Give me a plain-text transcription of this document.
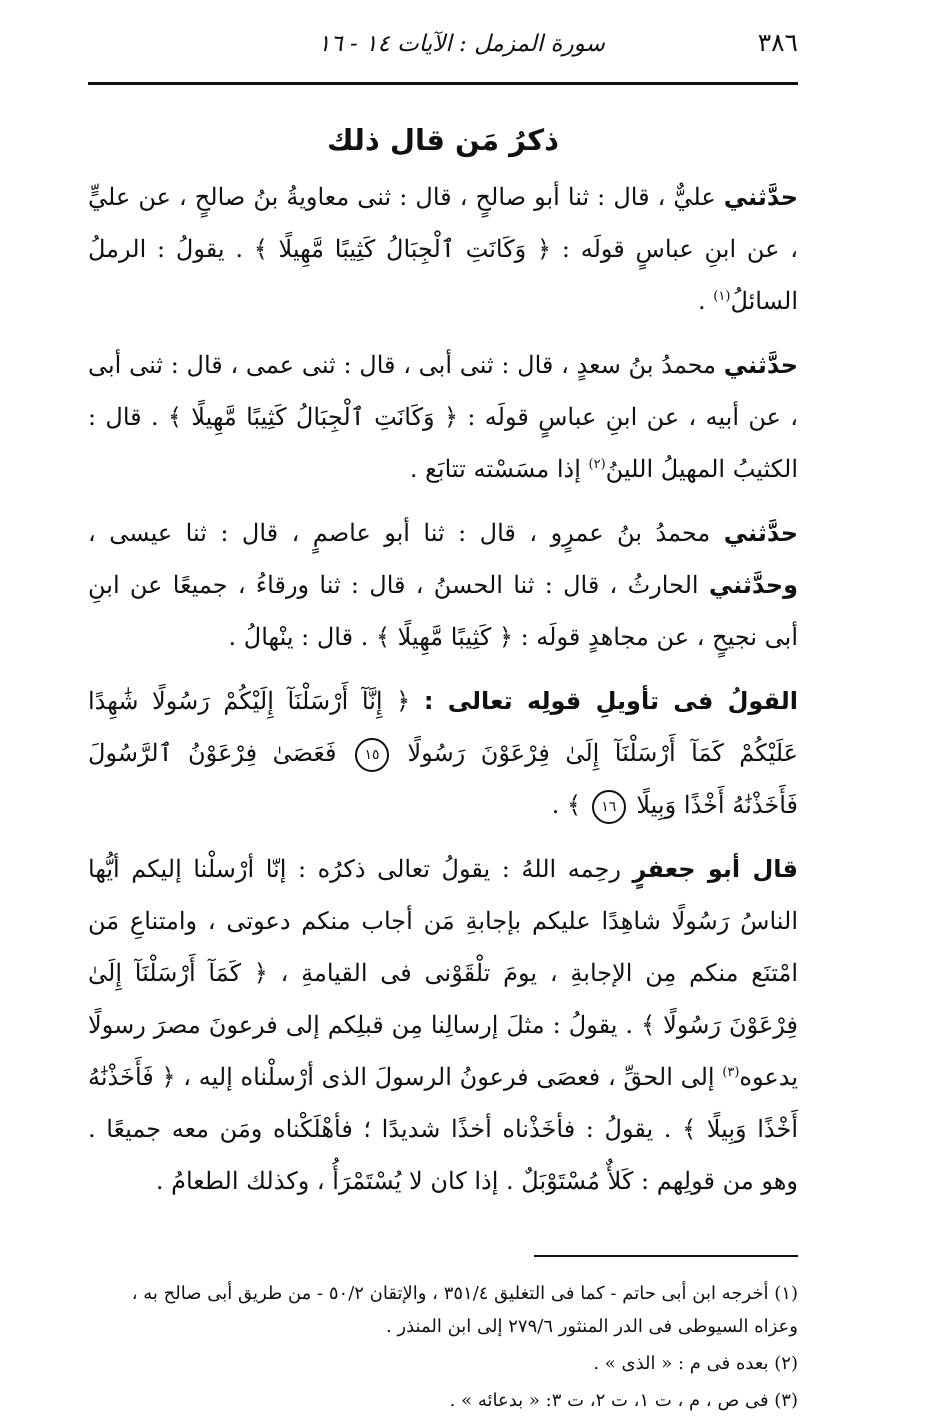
٣٨٦
سورة المزمل : الآيات ١٤ - ١٦
ذكرُ مَن قال ذلك

حدَّثني عليٌّ ، قال : ثنا أبو صالحٍ ، قال : ثنى معاويةُ بنُ صالحٍ ، عن عليٍّ ، عن ابنِ عباسٍ قولَه : ﴿ وَكَانَتِ ٱلْجِبَالُ كَثِيبًا مَّهِيلًا ﴾ . يقولُ : الرملُ السائلُ$^{(١)}$ .

حدَّثني محمدُ بنُ سعدٍ ، قال : ثنى أبى ، قال : ثنى عمى ، قال : ثنى أبى ، عن أبيه ، عن ابنِ عباسٍ قولَه : ﴿ وَكَانَتِ ٱلْجِبَالُ كَثِيبًا مَّهِيلًا ﴾ . قال : الكثيبُ المهيلُ اللينُ$^{(٢)}$ إذا مسَسْته تتابَع .

حدَّثني محمدُ بنُ عمرٍو ، قال : ثنا أبو عاصمٍ ، قال : ثنا عيسى ، وحدَّثني الحارثُ ، قال : ثنا الحسنُ ، قال : ثنا ورقاءُ ، جميعًا عن ابنِ أبى نجيحٍ ، عن مجاهدٍ قولَه : ﴿ كَثِيبًا مَّهِيلًا ﴾ . قال : ينْهالُ .

القولُ فى تأويلِ قولِه تعالى : ﴿ إِنَّآ أَرْسَلْنَآ إِلَيْكُمْ رَسُولًا شَٰهِدًا عَلَيْكُمْ كَمَآ أَرْسَلْنَآ إِلَىٰ فِرْعَوْنَ رَسُولًا ١٥ فَعَصَىٰ فِرْعَوْنُ ٱلرَّسُولَ فَأَخَذْنَٰهُ أَخْذًا وَبِيلًا ١٦ ﴾ .

قال أبو جعفرٍ رحِمه اللهُ : يقولُ تعالى ذكرُه : إنّا أرْسلْنا إليكم أيُّها الناسُ رَسُولًا شاهِدًا عليكم بإجابةِ مَن أجاب منكم دعوتى ، وامتناعِ مَن امْتنَع منكم مِن الإجابةِ ، يومَ تلْقَوْنى فى القيامةِ ، ﴿ كَمَآ أَرْسَلْنَآ إِلَىٰ فِرْعَوْنَ رَسُولًا ﴾ . يقولُ : مثلَ إرسالِنا مِن قبلِكم إلى فرعونَ مصرَ رسولًا يدعوه$^{(٣)}$ إلى الحقِّ ، فعصَى فرعونُ الرسولَ الذى أرْسلْناه إليه ، ﴿ فَأَخَذْنَٰهُ أَخْذًا وَبِيلًا ﴾ . يقولُ : فأخَذْناه أخذًا شديدًا ؛ فأهْلَكْناه ومَن معه جميعًا . وهو من قولِهم : كَلأٌ مُسْتَوْبَلٌ . إذا كان لا يُسْتَمْرَأُ ، وكذلك الطعامُ .

(١) أخرجه ابن أبى حاتم - كما فى التغليق ٣٥١/٤ ، والإتقان ٥٠/٢ - من طريق أبى صالح به ، وعزاه السيوطى فى الدر المنثور ٢٧٩/٦ إلى ابن المنذر .

(٢) بعده فى م : « الذى » .

(٣) فى ص ، م ، ت ١، ت ٢، ت ٣: « بدعائه » .
